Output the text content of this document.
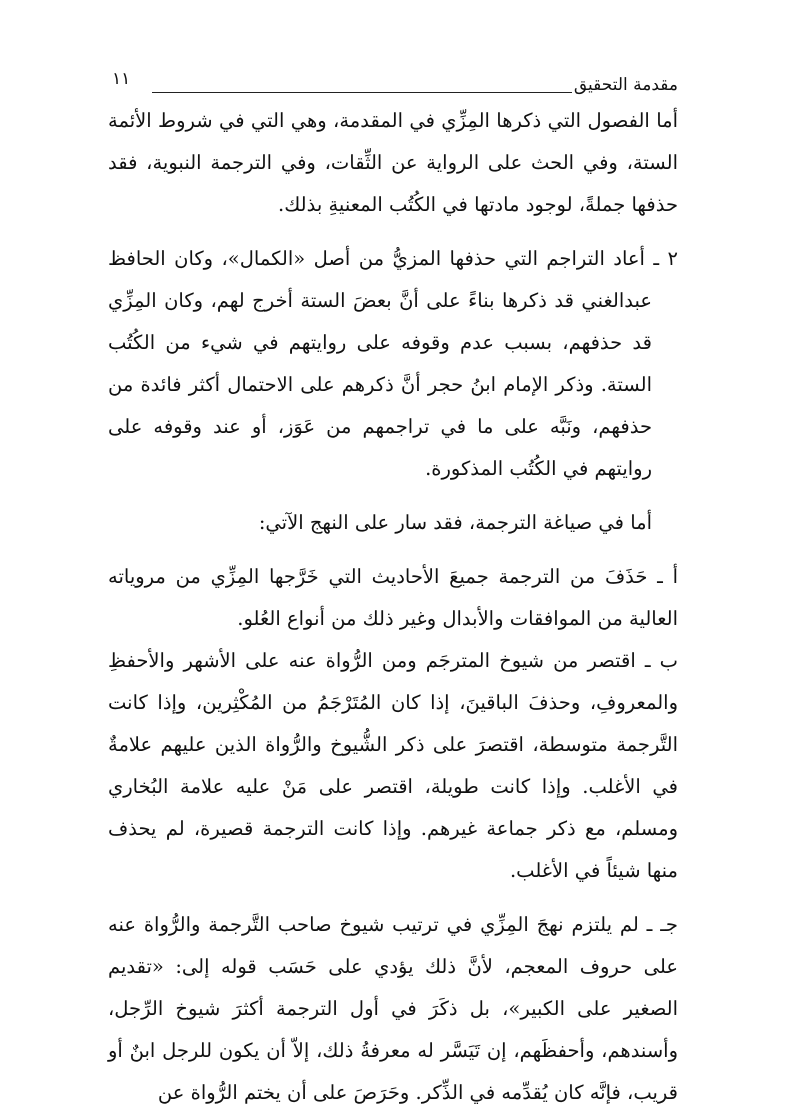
مقدمة التحقيق
١١

أما الفصول التي ذكرها المِزِّي في المقدمة، وهي التي في شروط الأئمة الستة، وفي الحث على الرواية عن الثِّقات، وفي الترجمة النبوية، فقد حذفها جملةً، لوجود مادتها في الكُتُب المعنيةِ بذلك.

٢ ـ أعاد التراجم التي حذفها المزيُّ من أصل «الكمال»، وكان الحافظ عبدالغني قد ذكرها بناءً على أنَّ بعضَ الستة أخرج لهم، وكان المِزِّي قد حذفهم، بسبب عدم وقوفه على روايتهم في شيء من الكُتُب الستة. وذكر الإمام ابنُ حجر أنَّ ذكرهم على الاحتمال أكثر فائدة من حذفهم، ونَبَّه على ما في تراجمهم من عَوَز، أو عند وقوفه على روايتهم في الكُتُب المذكورة.

أما في صياغة الترجمة، فقد سار على النهج الآتي:

أ ـ حَذَفَ من الترجمة جميعَ الأحاديث التي خَرَّجها المِزِّي من مروياته العالية من الموافقات والأبدال وغير ذلك من أنواع العُلو.

ب ـ اقتصر من شيوخ المترجَم ومن الرُّواة عنه على الأشهر والأحفظِ والمعروفِ، وحذفَ الباقينَ، إذا كان المُتَرْجَمُ من المُكْثِرين، وإذا كانت التَّرجمة متوسطة، اقتصرَ على ذكر الشُّيوخ والرُّواة الذين عليهم علامةٌ في الأغلب. وإذا كانت طويلة، اقتصر على مَنْ عليه علامة البُخاري ومسلم، مع ذكر جماعة غيرهم. وإذا كانت الترجمة قصيرة، لم يحذف منها شيئاً في الأغلب.

جـ ـ لم يلتزم نهجَ المِزِّي في ترتيب شيوخ صاحب التَّرجمة والرُّواة عنه على حروف المعجم، لأنَّ ذلك يؤدي على حَسَب قوله إلى: «تقديم الصغير على الكبير»، بل ذكَرَ في أول الترجمة أكثرَ شيوخ الرِّجل، وأسندهم، وأحفظَهم، إن تَيَسَّر له معرفةُ ذلك، إلاّ أن يكون للرجل ابنٌ أو قريب، فإنَّه كان يُقدِّمه في الذِّكر. وحَرَصَ على أن يختم الرُّواة عن
